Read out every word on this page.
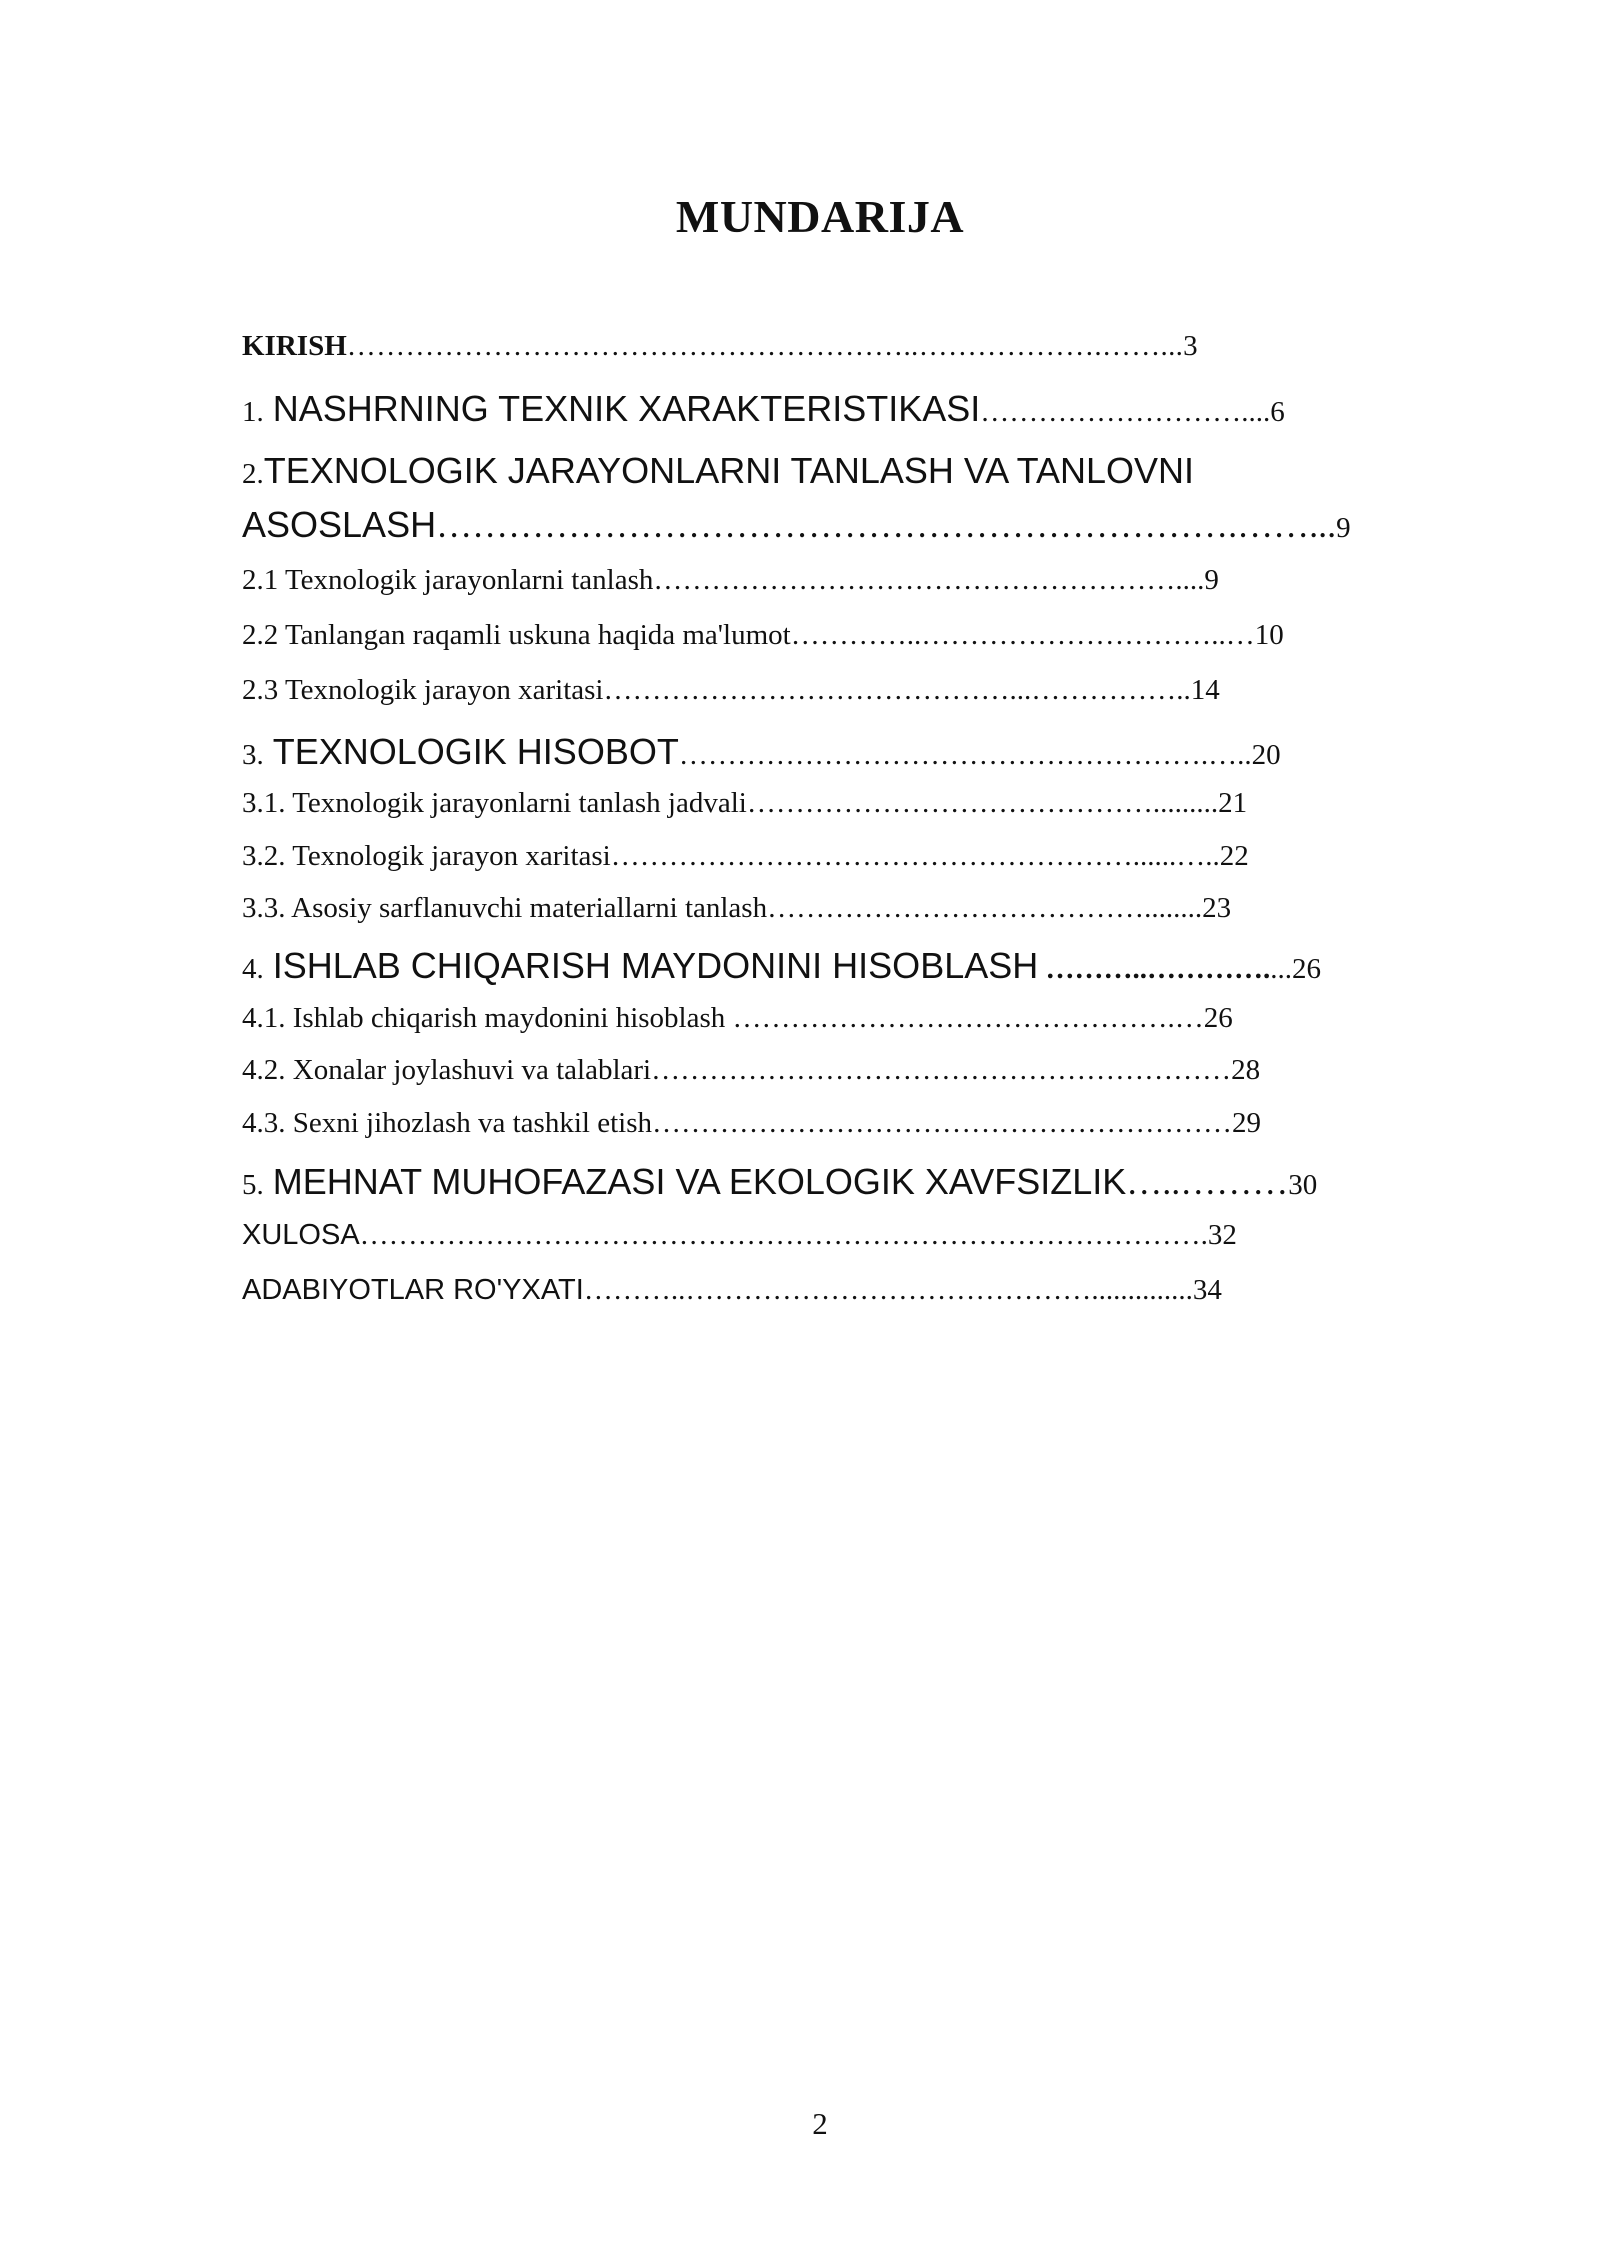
MUNDARIJA
KIRISH…………………………………………………..……………….……...3
1. NASHRNING TEXNIK XARAKTERISTIKASI………………………....6
2.TEXNOLOGIK JARAYONLARNI TANLASH VA TANLOVNI
ASOSLASH………………………………………………………….……...9
2.1 Texnologik jarayonlarni tanlash………………………………………………....9
2.2 Tanlangan raqamli uskuna haqida ma'lumot…………..…………………………..…10
2.3 Texnologik jarayon xaritasi……………………………………...……………..14
3. TEXNOLOGIK HISOBOT……………………………………………….…..20
3.1. Texnologik jarayonlarni tanlash jadvali…………………………………….........21
3.2. Texnologik jarayon xaritasi………………………………………………......…..22
3.3. Asosiy sarflanuvchi materiallarni tanlash…………………………………........23
4. ISHLAB CHIQARISH MAYDONINI HISOBLASH ………..…………....26
4.1. Ishlab chiqarish maydonini hisoblash ……………………………………….…26
4.2. Xonalar joylashuvi va talablari……………………………………………………28
4.3. Sexni jihozlash va tashkil etish……………………………………………………29
5. MEHNAT MUHOFAZASI VA EKOLOGIK XAVFSIZLIK…..………30
XULOSA…………………………………………………………………………….32
ADABIYOTLAR RO'YXATI………..……………………………………..............34
2
